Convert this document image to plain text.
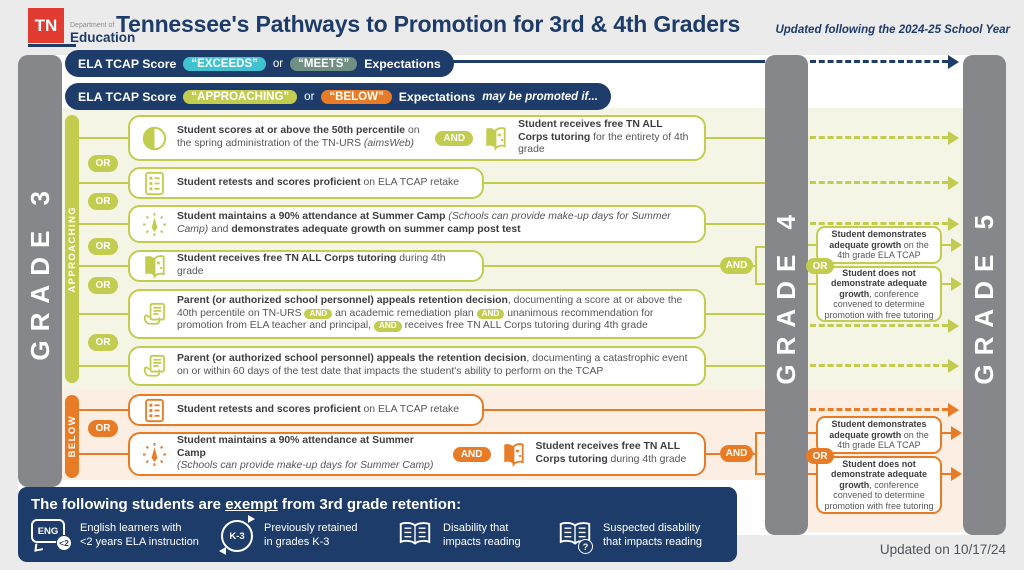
TN Department of
Education
Tennessee's Pathways to Promotion for 3rd & 4th Graders	Updated following the 2024-25 School Year
GRADE 3	GRADE 4	GRADE 5
ELA TCAP Score	“EXCEEDS”	or	“MEETS”	Expectations
ELA TCAP Score	“APPROACHING”	or	“BELOW”	Expectations may be promoted if...
APPROACHING
BELOW
OR
OR
OR
OR
OR
OR
Student scores at or above the 50th percentile on the spring administration of the TN-URS (aimsWeb)	AND
Student receives free TN ALL Corps tutoring for the entirety of 4th grade
Student retests and scores proficient on ELA TCAP retake
Student maintains a 90% attendance at Summer Camp (Schools can provide make-up days for Summer Camp) and demonstrates adequate growth on summer camp post test
Student receives free TN ALL Corps tutoring during 4th grade
Parent (or authorized school personnel) appeals retention decision, documenting a score at or above the 40th percentile on TN-URS AND an academic remediation plan AND unanimous recommendation for promotion from ELA teacher and principal, AND receives free TN ALL Corps tutoring during 4th grade
Parent (or authorized school personnel) appeals the retention decision, documenting a catastrophic event on or within 60 days of the test date that impacts the student's ability to perform on the TCAP
Student retests and scores proficient on ELA TCAP retake
Student maintains a 90% attendance at Summer Camp
(Schools can provide make-up days for Summer Camp)
AND
Student receives free TN ALL Corps tutoring during 4th grade
AND
AND
Student demonstrates adequate growth on the 4th grade ELA TCAP
OR
Student does not demonstrate adequate growth, conference convened to determine promotion with free tutoring
Student demonstrates adequate growth on the 4th grade ELA TCAP
OR
Student does not demonstrate adequate growth, conference convened to determine promotion with free tutoring
The following students are exempt from 3rd grade retention:
ENG
<2
English learners with
<2 years ELA instruction	K-3
Previously retained
in grades K-3
Disability that
impacts reading	?
Suspected disability
that impacts reading
Updated on 10/17/24
